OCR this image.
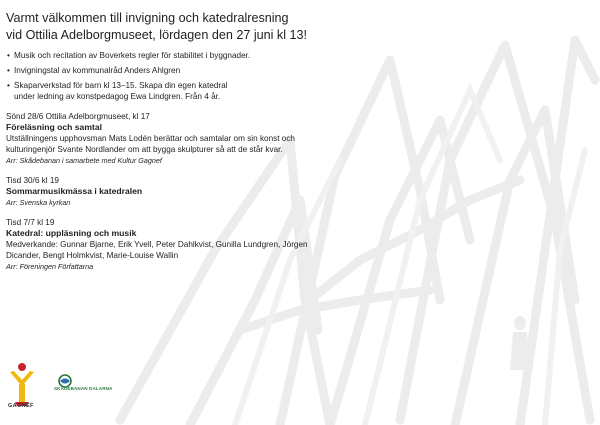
Varmt välkommen till invigning och katedralresning
vid Ottilia Adelborgmuseet, lördagen den 27 juni kl 13!
• Musik och recitation av Boverkets regler för stabilitet i byggnader.
• Invigningstal av kommunalråd Anders Ahlgren
• Skaparverkstad för barn kl 13–15. Skapa din egen katedral under ledning av konstpedagog Ewa Lindgren. Från 4 år.

Sönd 28/6 Ottilia Adelborgmuseet, kl 17

Föreläsning och samtal

Utställningens upphovsman Mats Lodén berättar och samtalar om sin konst och kulturingenjör Svante Nordlander om att bygga skulpturer så att de står kvar.

Arr: Skådebanan i samarbete med Kultur Gagnef

Tisd 30/6 kl 19

Sommarmusikmässa i katedralen

Arr: Svenska kyrkan

Tisd 7/7 kl 19

Katedral: uppläsning och musik

Medverkande: Gunnar Bjarne, Erik Yvell, Peter Dahlkvist, Gunilla Lundgren, Jörgen Dicander, Bengt Holmkvist, Marie-Louise Wallin

Arr: Föreningen Författarna

GAGNEF
SKÅDEBANAN DALARNA
